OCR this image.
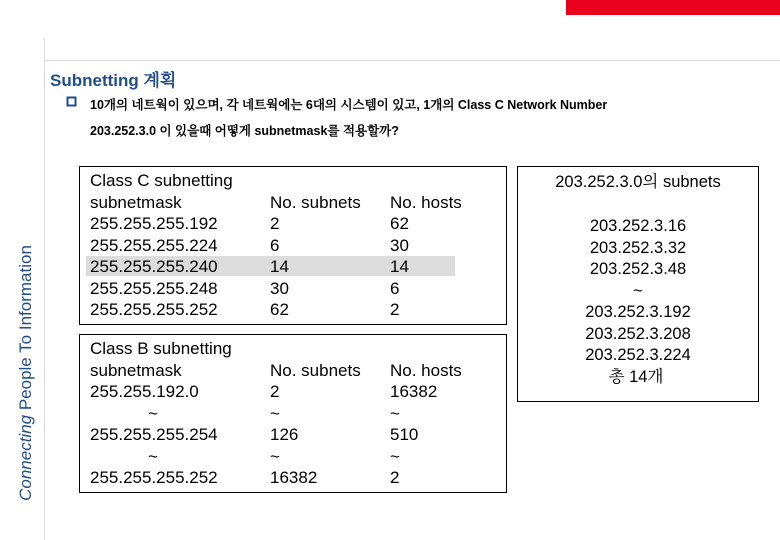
Connecting People To Information
Subnetting 계획
10개의 네트웍이 있으며, 각 네트웍에는 6대의 시스템이 있고, 1개의 Class C Network Number
203.252.3.0 이 있을때 어떻게 subnetmask를 적용할까?
Class C subnetting
subnetmask
255.255.255.192
255.255.255.224
255.255.255.240
255.255.255.248
255.255.255.252
No. subnets
2
6
14
30
62
No. hosts
62
30
14
6
2
Class B subnetting
subnetmask
255.255.192.0
~
255.255.255.254
~
255.255.255.252
No. subnets
2
~
126
~
16382
No. hosts
16382
~
510
~
2
203.252.3.0의 subnets
203.252.3.16
203.252.3.32
203.252.3.48
~
203.252.3.192
203.252.3.208
203.252.3.224
총 14개
